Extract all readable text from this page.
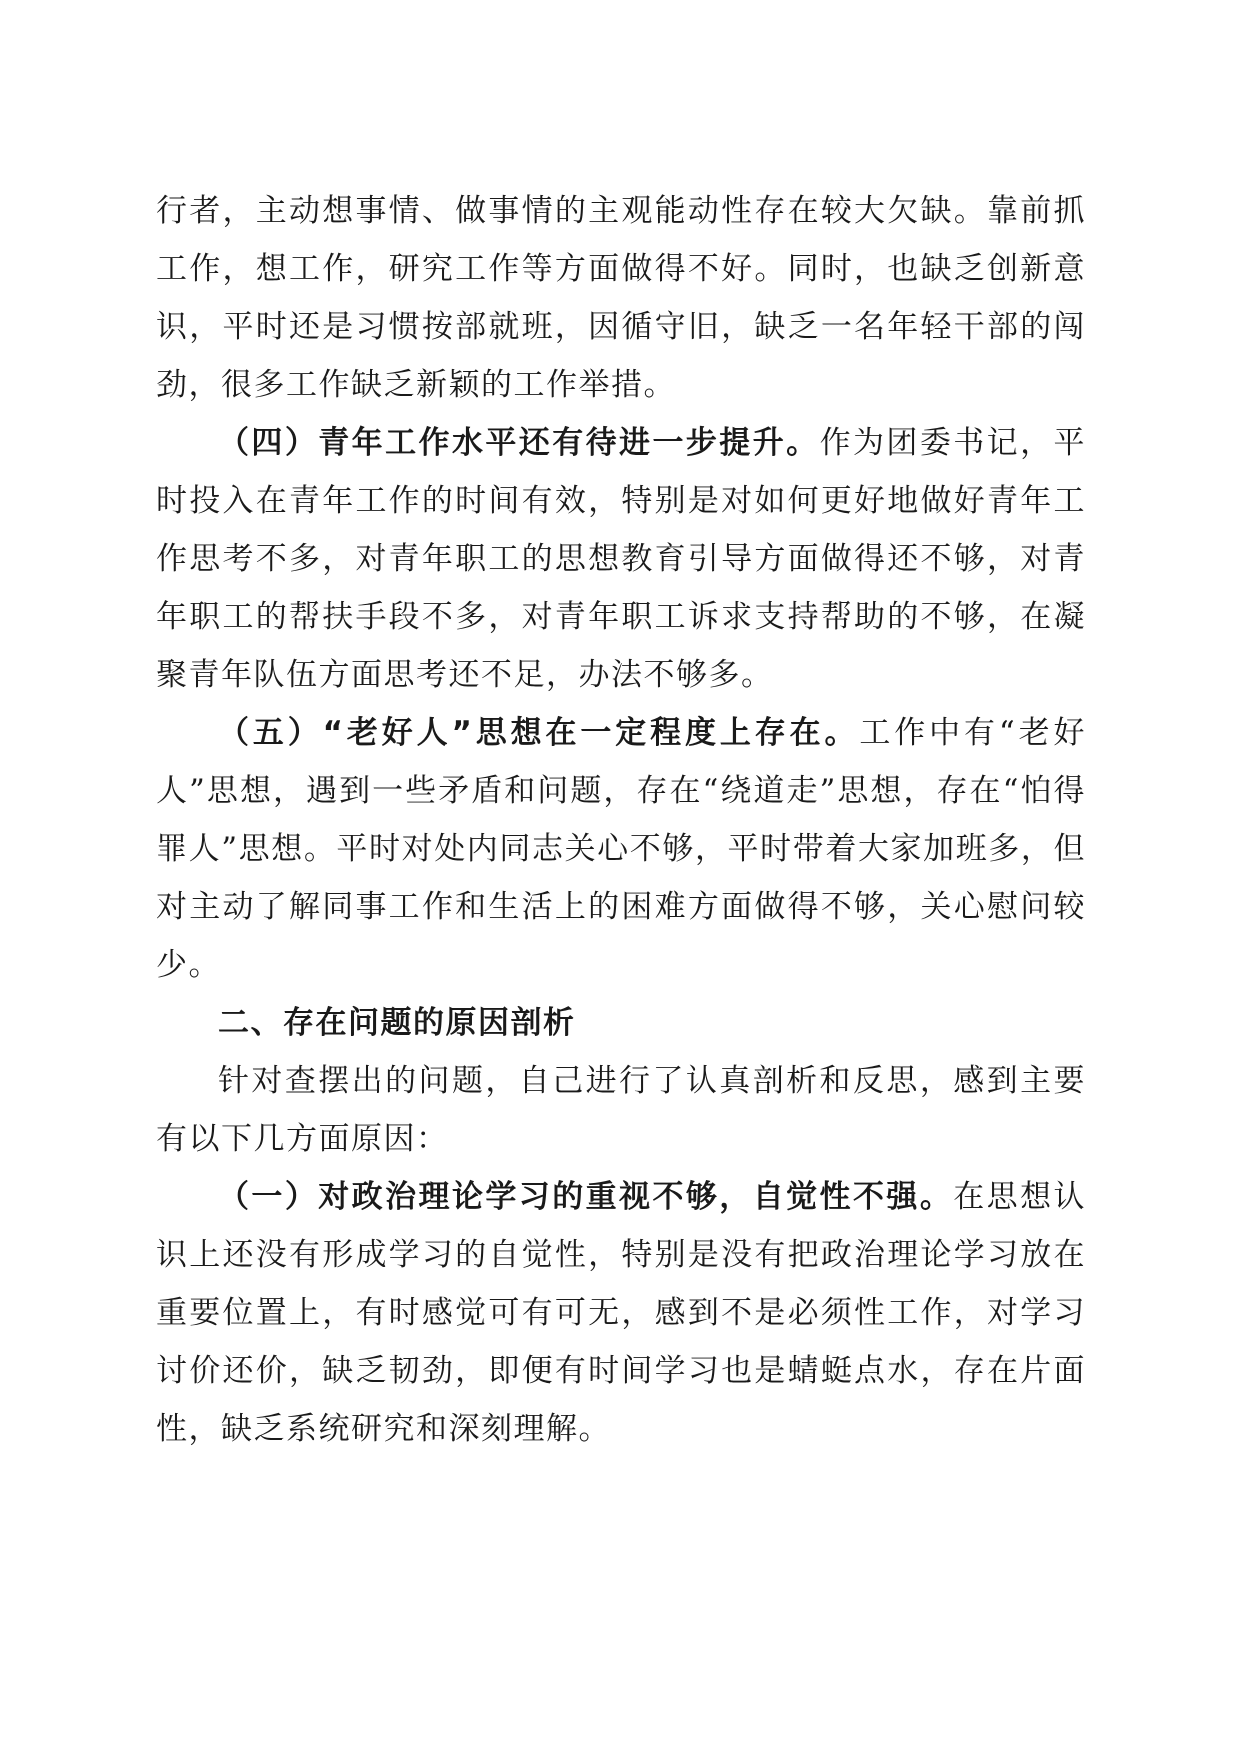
行者，主动想事情、做事情的主观能动性存在较大欠缺。靠前抓工作，想工作，研究工作等方面做得不好。同时，也缺乏创新意识，平时还是习惯按部就班，因循守旧，缺乏一名年轻干部的闯劲，很多工作缺乏新颖的工作举措。

（四）青年工作水平还有待进一步提升。作为团委书记，平时投入在青年工作的时间有效，特别是对如何更好地做好青年工作思考不多，对青年职工的思想教育引导方面做得还不够，对青年职工的帮扶手段不多，对青年职工诉求支持帮助的不够，在凝聚青年队伍方面思考还不足，办法不够多。

（五）“老好人”思想在一定程度上存在。工作中有“老好人”思想，遇到一些矛盾和问题，存在“绕道走”思想，存在“怕得罪人”思想。平时对处内同志关心不够，平时带着大家加班多，但对主动了解同事工作和生活上的困难方面做得不够，关心慰问较少。

二、存在问题的原因剖析

针对查摆出的问题，自己进行了认真剖析和反思，感到主要有以下几方面原因：

（一）对政治理论学习的重视不够，自觉性不强。在思想认识上还没有形成学习的自觉性，特别是没有把政治理论学习放在重要位置上，有时感觉可有可无，感到不是必须性工作，对学习讨价还价，缺乏韧劲，即便有时间学习也是蜻蜓点水，存在片面性，缺乏系统研究和深刻理解。
